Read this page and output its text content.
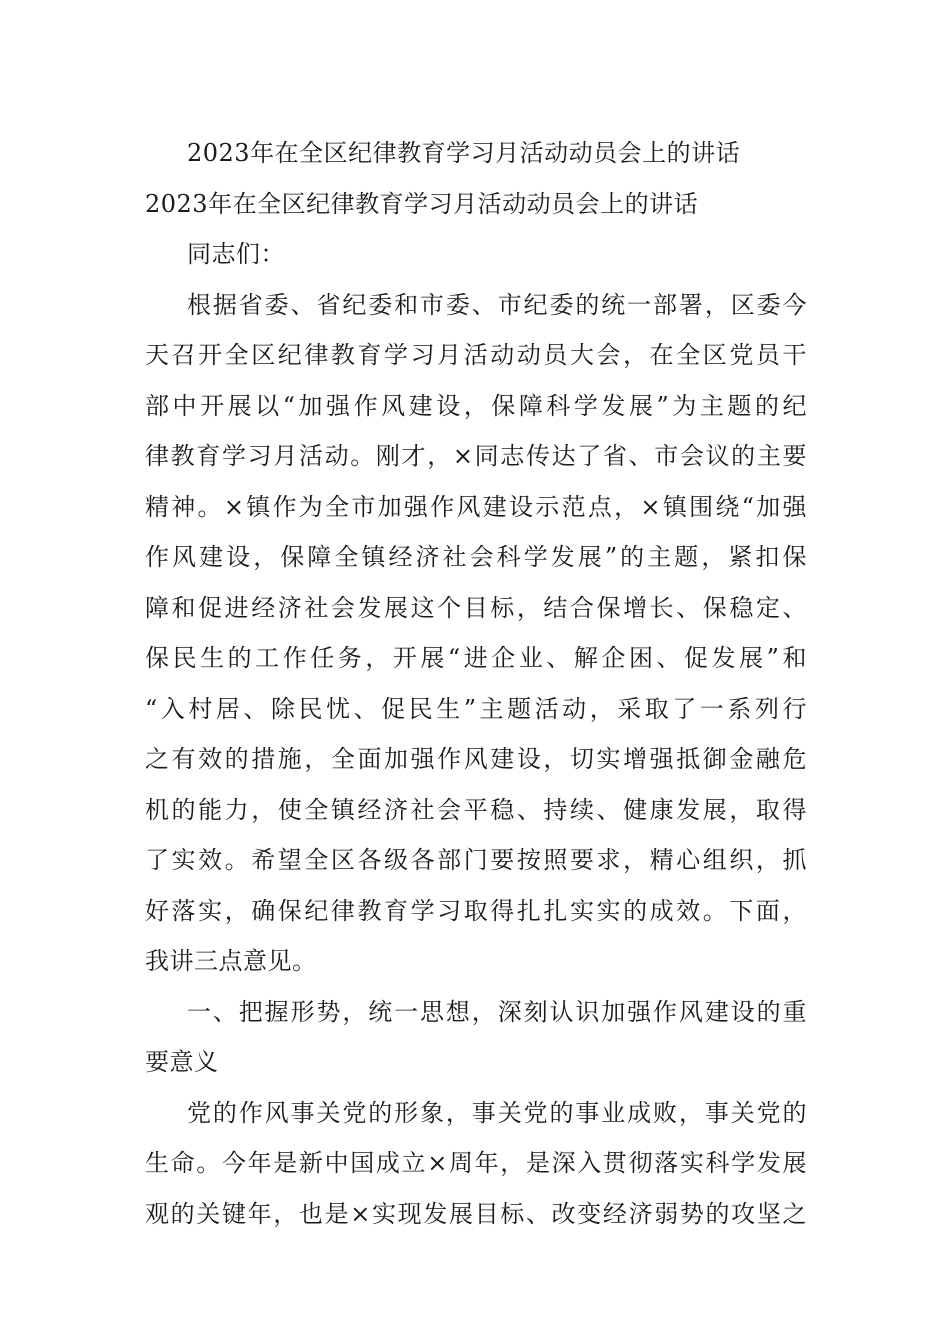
2023年在全区纪律教育学习月活动动员会上的讲话
2023年在全区纪律教育学习月活动动员会上的讲话
同志们：
根据省委、省纪委和市委、市纪委的统一部署，区委今
天召开全区纪律教育学习月活动动员大会，在全区党员干
部中开展以“加强作风建设，保障科学发展”为主题的纪
律教育学习月活动。刚才，×同志传达了省、市会议的主要
精神。×镇作为全市加强作风建设示范点，×镇围绕“加强
作风建设，保障全镇经济社会科学发展”的主题，紧扣保
障和促进经济社会发展这个目标，结合保增长、保稳定、
保民生的工作任务，开展“进企业、解企困、促发展”和
“入村居、除民忧、促民生”主题活动，采取了一系列行
之有效的措施，全面加强作风建设，切实增强抵御金融危
机的能力，使全镇经济社会平稳、持续、健康发展，取得
了实效。希望全区各级各部门要按照要求，精心组织，抓
好落实，确保纪律教育学习取得扎扎实实的成效。下面，
我讲三点意见。
一、把握形势，统一思想，深刻认识加强作风建设的重
要意义
党的作风事关党的形象，事关党的事业成败，事关党的
生命。今年是新中国成立×周年，是深入贯彻落实科学发展
观的关键年，也是×实现发展目标、改变经济弱势的攻坚之
